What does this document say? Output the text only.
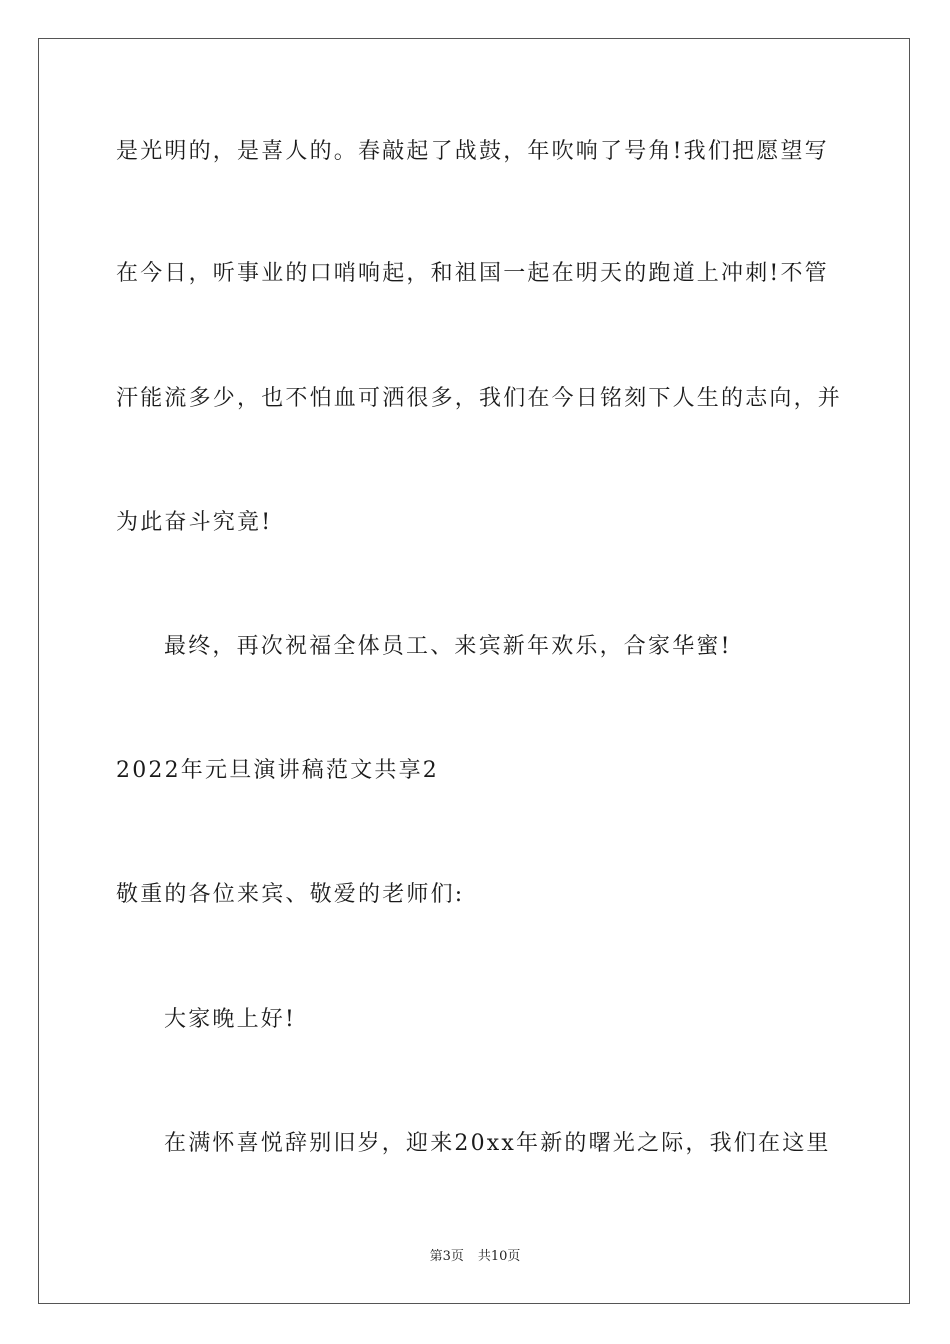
是光明的，是喜人的。春敲起了战鼓，年吹响了号角!我们把愿望写
在今日，听事业的口哨响起，和祖国一起在明天的跑道上冲刺!不管
汗能流多少，也不怕血可洒很多，我们在今日铭刻下人生的志向，并
为此奋斗究竟!
最终，再次祝福全体员工、来宾新年欢乐，合家华蜜!
2022年元旦演讲稿范文共享2
敬重的各位来宾、敬爱的老师们:
大家晚上好!
在满怀喜悦辞别旧岁，迎来20xx年新的曙光之际，我们在这里
第3页 共10页
